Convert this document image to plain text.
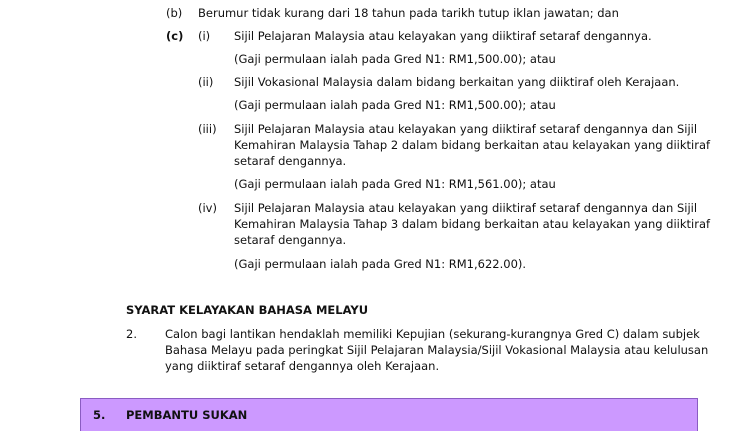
(b) Berumur tidak kurang dari 18 tahun pada tarikh tutup iklan jawatan; dan
(c) (i) Sijil Pelajaran Malaysia atau kelayakan yang diiktiraf setaraf dengannya.
(Gaji permulaan ialah pada Gred N1: RM1,500.00); atau
(ii) Sijil Vokasional Malaysia dalam bidang berkaitan yang diiktiraf oleh Kerajaan.
(Gaji permulaan ialah pada Gred N1: RM1,500.00); atau
(iii) Sijil Pelajaran Malaysia atau kelayakan yang diiktiraf setaraf dengannya dan Sijil
Kemahiran Malaysia Tahap 2 dalam bidang berkaitan atau kelayakan yang diiktiraf
setaraf dengannya.
(Gaji permulaan ialah pada Gred N1: RM1,561.00); atau
(iv) Sijil Pelajaran Malaysia atau kelayakan yang diiktiraf setaraf dengannya dan Sijil
Kemahiran Malaysia Tahap 3 dalam bidang berkaitan atau kelayakan yang diiktiraf
setaraf dengannya.
(Gaji permulaan ialah pada Gred N1: RM1,622.00).
SYARAT KELAYAKAN BAHASA MELAYU
2. Calon bagi lantikan hendaklah memiliki Kepujian (sekurang-kurangnya Gred C) dalam subjek
Bahasa Melayu pada peringkat Sijil Pelajaran Malaysia/Sijil Vokasional Malaysia atau kelulusan
yang diiktiraf setaraf dengannya oleh Kerajaan.
5. PEMBANTU SUKAN
